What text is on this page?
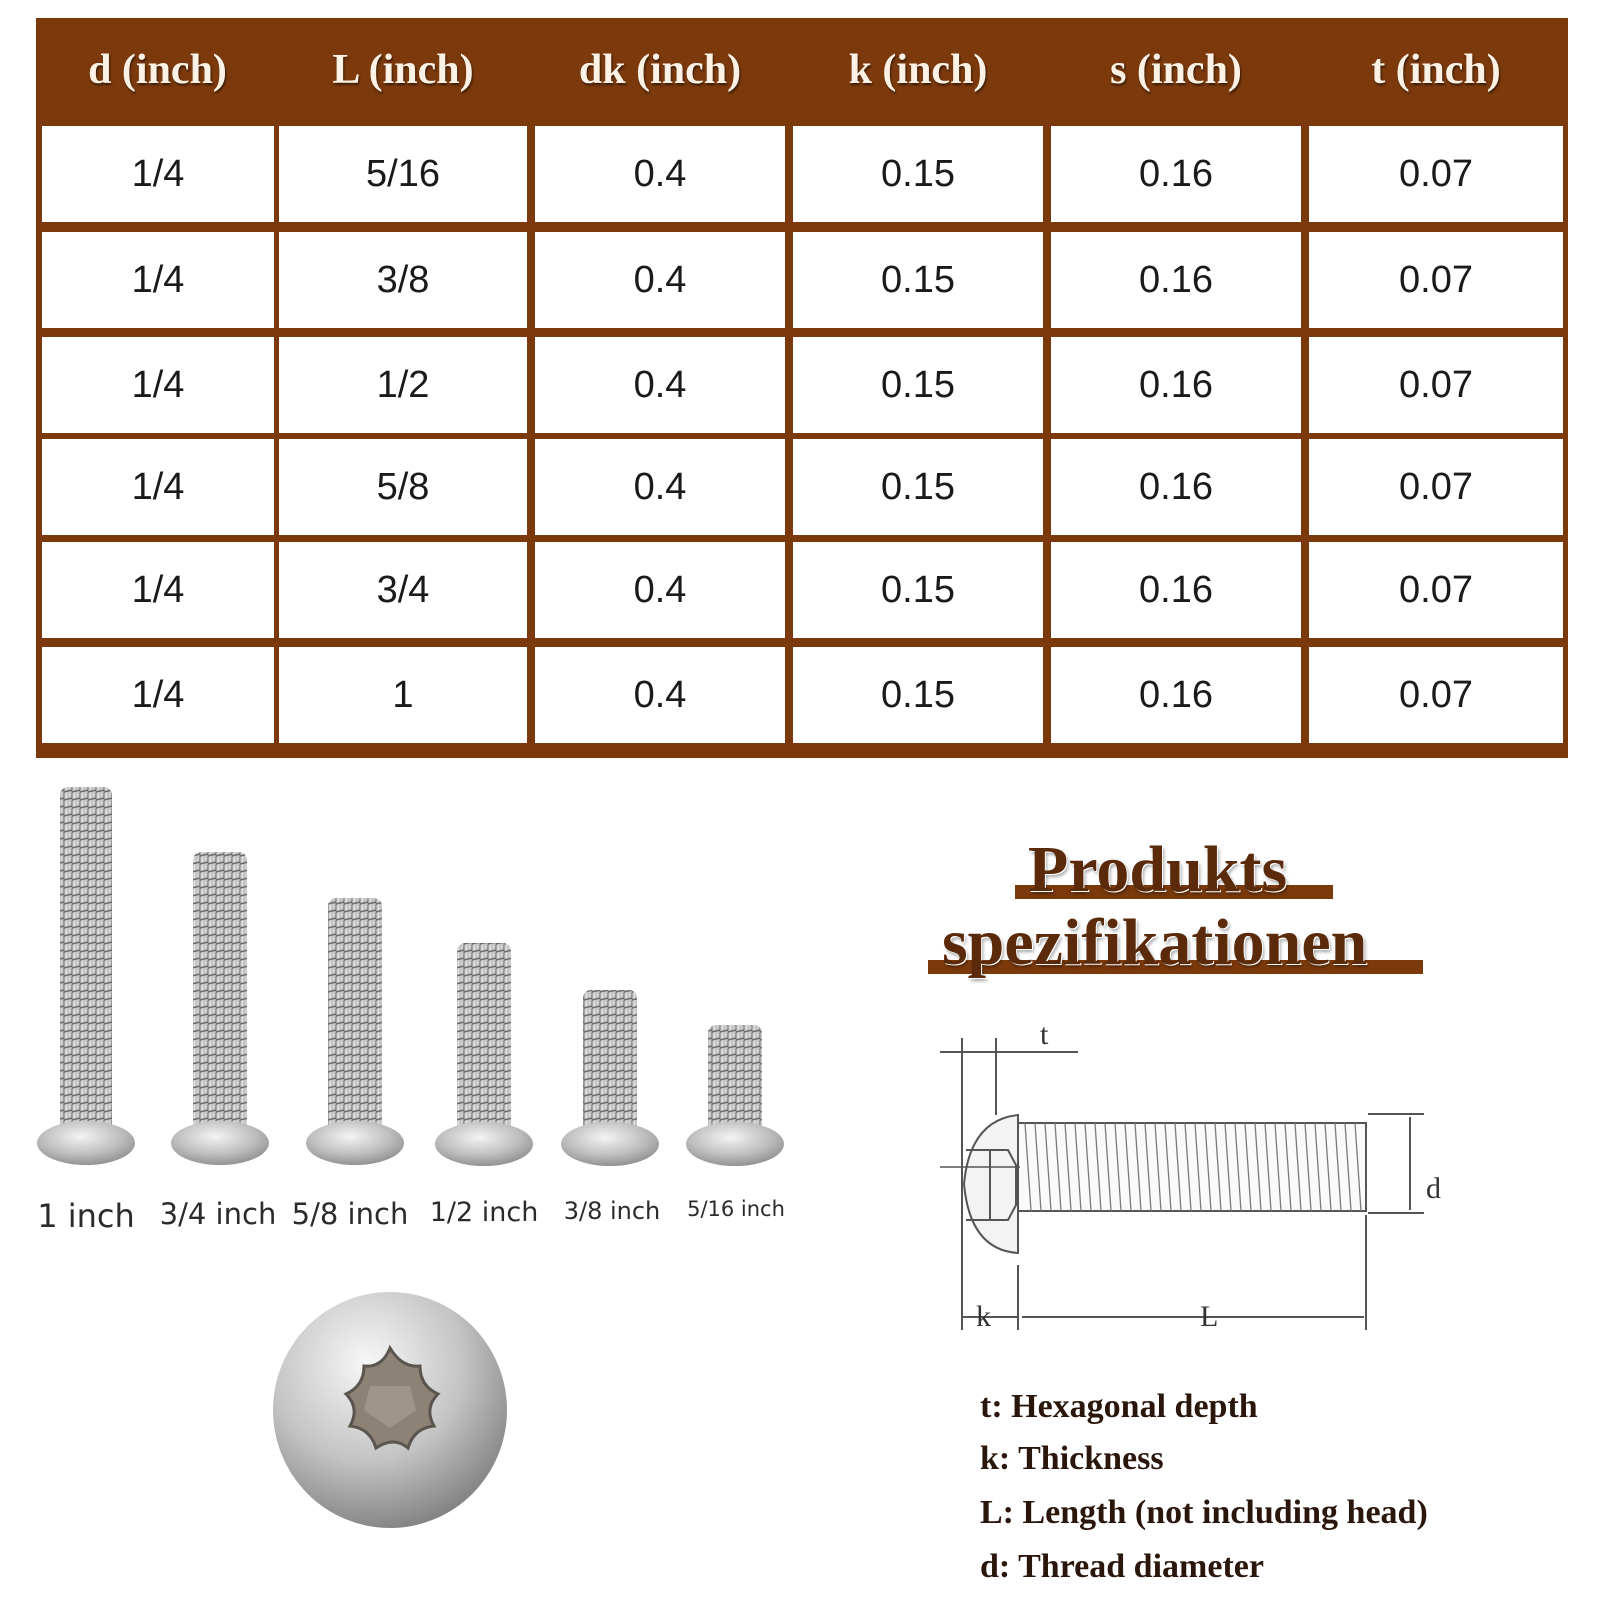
d (inch)	L (inch)	dk (inch)	k (inch)	s (inch)	t (inch)
1/4	5/16	0.4	0.15	0.16	0.07
1/4	3/8	0.4	0.15	0.16	0.07
1/4	1/2	0.4	0.15	0.16	0.07
1/4	5/8	0.4	0.15	0.16	0.07
1/4	3/4	0.4	0.15	0.16	0.07
1/4	1	0.4	0.15	0.16	0.07
1 inch 3/4 inch 5/8 inch 1/2 inch 3/8 inch 5/16 inch
Produkts
spezifikationen
t
d
k	L
t: Hexagonal depth
k: Thickness
L: Length (not including head)
d: Thread diameter
